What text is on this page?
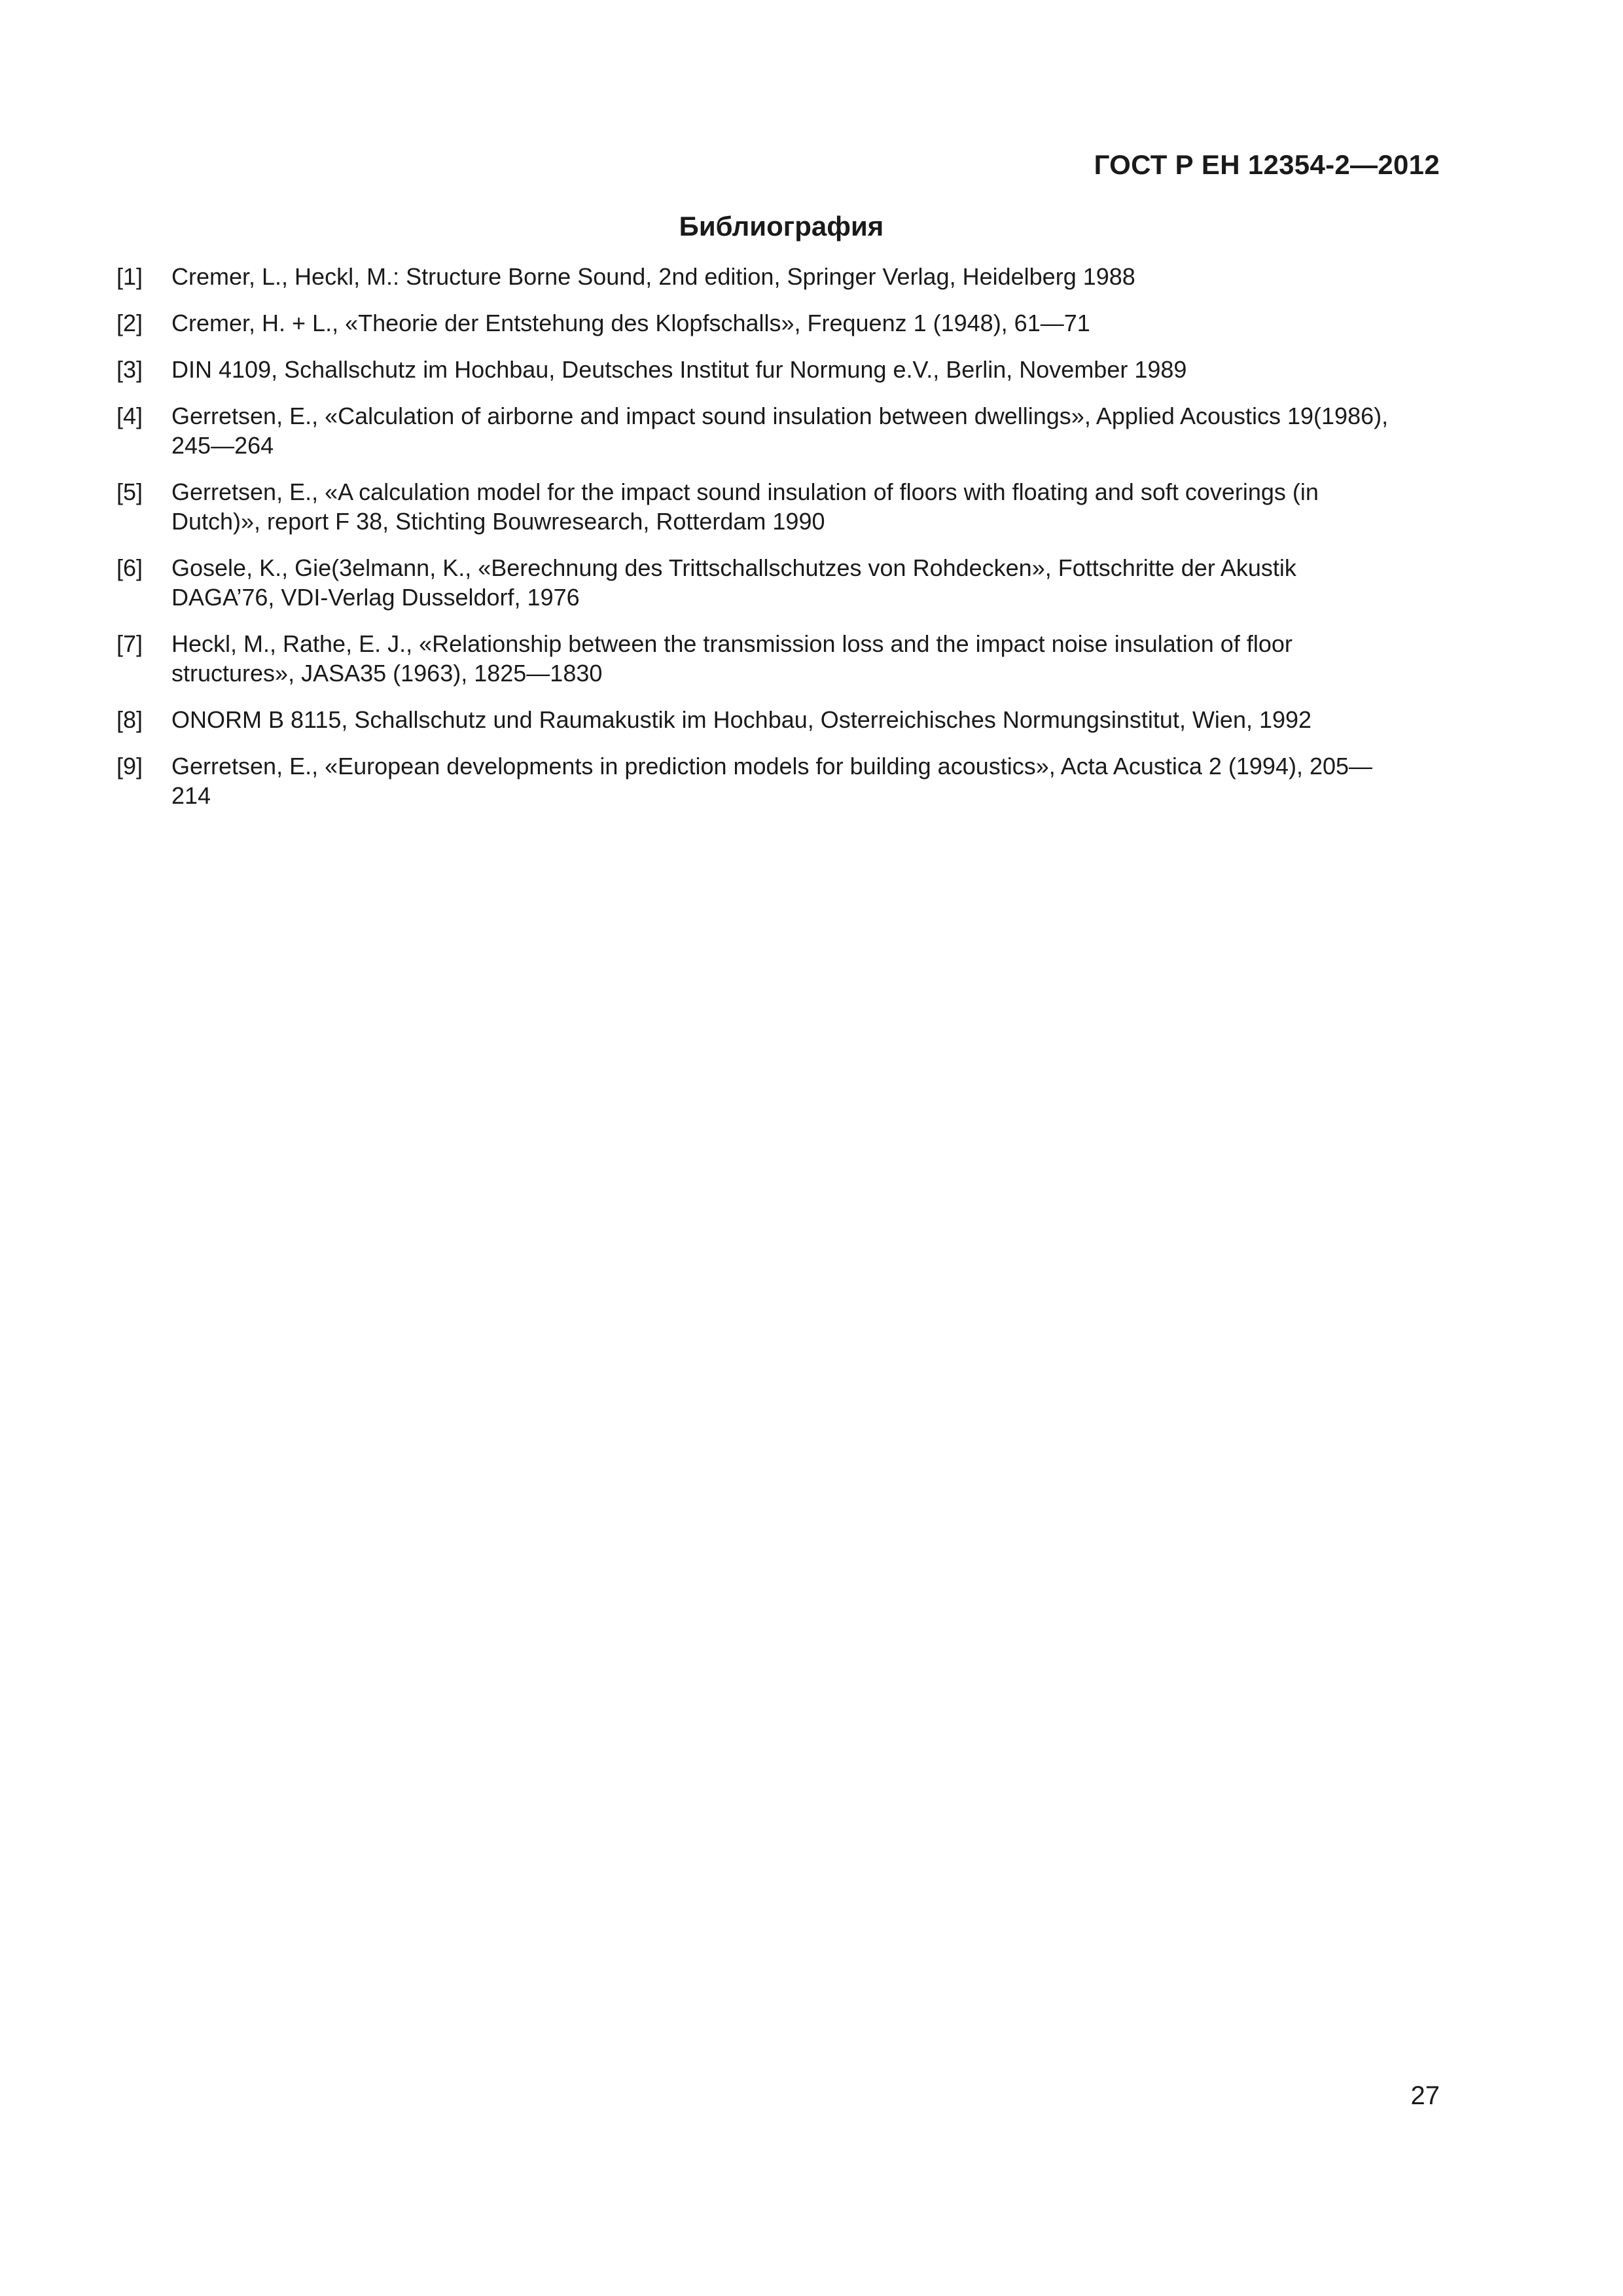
ГОСТ Р ЕН 12354-2—2012
Библиография
[1]	Cremer, L., Heckl, M.: Structure Borne Sound, 2nd edition, Springer Verlag, Heidelberg 1988
[2]	Cremer, H. + L., «Theorie der Entstehung des Klopfschalls», Frequenz 1 (1948), 61—71
[3]	DIN 4109, Schallschutz im Hochbau, Deutsches Institut fur Normung e.V., Berlin, November 1989
[4]	Gerretsen, E., «Calculation of airborne and impact sound insulation between dwellings», Applied Acoustics 19(1986), 245—264
[5]	Gerretsen, E., «A calculation model for the impact sound insulation of floors with floating and soft coverings (in Dutch)», report F 38, Stichting Bouwresearch, Rotterdam 1990
[6]	Gosele, K., Gie(3elmann, K., «Berechnung des Trittschallschutzes von Rohdecken», Fottschritte der Akustik DAGA’76, VDI-Verlag Dusseldorf, 1976
[7]	Heckl, M., Rathe, E. J., «Relationship between the transmission loss and the impact noise insulation of floor structures», JASA35 (1963), 1825—1830
[8]	ONORM B 8115, Schallschutz und Raumakustik im Hochbau, Osterreichisches Normungsinstitut, Wien, 1992
[9]	Gerretsen, E., «European developments in prediction models for building acoustics», Acta Acustica 2 (1994), 205—214
27
